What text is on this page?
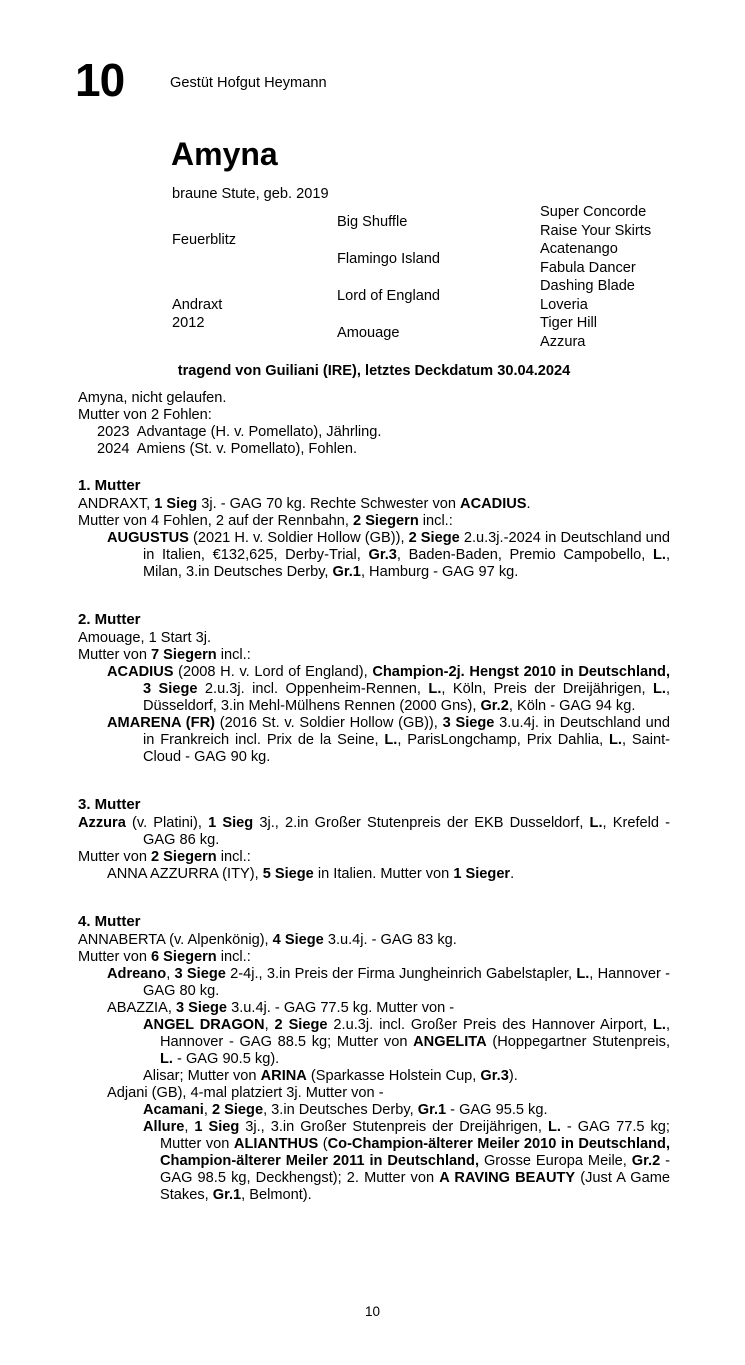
10	Gestüt Hofgut Heymann
Amyna
braune Stute, geb. 2019
Feuerblitz
Andraxt
2012
Big Shuffle
Flamingo Island
Lord of England
Amouage
Super Concorde
Raise Your Skirts
Acatenango
Fabula Dancer
Dashing Blade
Loveria
Tiger Hill
Azzura
tragend von Guiliani (IRE), letztes Deckdatum 30.04.2024
Amyna, nicht gelaufen.
Mutter von 2 Fohlen:
2023  Advantage (H. v. Pomellato), Jährling.
2024  Amiens (St. v. Pomellato), Fohlen.
1. Mutter
ANDRAXT, 1 Sieg 3j. - GAG 70 kg. Rechte Schwester von ACADIUS.
Mutter von 4 Fohlen, 2 auf der Rennbahn, 2 Siegern incl.:
AUGUSTUS (2021 H. v. Soldier Hollow (GB)), 2 Siege 2.u.3j.-2024 in Deutschland und in Italien, €132,625, Derby-Trial, Gr.3, Baden-Baden, Premio Campobello, L., Milan, 3.in Deutsches Derby, Gr.1, Hamburg - GAG 97 kg.
2. Mutter
Amouage, 1 Start 3j.
Mutter von 7 Siegern incl.:
ACADIUS (2008 H. v. Lord of England), Champion-2j. Hengst 2010 in Deutschland, 3 Siege 2.u.3j. incl. Oppenheim-Rennen, L., Köln, Preis der Dreijährigen, L., Düsseldorf, 3.in Mehl-Mülhens Rennen (2000 Gns), Gr.2, Köln - GAG 94 kg.
AMARENA (FR) (2016 St. v. Soldier Hollow (GB)), 3 Siege 3.u.4j. in Deutschland und in Frankreich incl. Prix de la Seine, L., ParisLongchamp, Prix Dahlia, L., Saint-Cloud - GAG 90 kg.
3. Mutter
Azzura (v. Platini), 1 Sieg 3j., 2.in Großer Stutenpreis der EKB Dusseldorf, L., Krefeld - GAG 86 kg.
Mutter von 2 Siegern incl.:
ANNA AZZURRA (ITY), 5 Siege in Italien. Mutter von 1 Sieger.
4. Mutter
ANNABERTA (v. Alpenkönig), 4 Siege 3.u.4j. - GAG 83 kg.
Mutter von 6 Siegern incl.:
Adreano, 3 Siege 2-4j., 3.in Preis der Firma Jungheinrich Gabelstapler, L., Hannover - GAG 80 kg.
ABAZZIA, 3 Siege 3.u.4j. - GAG 77.5 kg. Mutter von -
ANGEL DRAGON, 2 Siege 2.u.3j. incl. Großer Preis des Hannover Airport, L., Hannover - GAG 88.5 kg; Mutter von ANGELITA (Hoppegartner Stutenpreis, L. - GAG 90.5 kg).
Alisar; Mutter von ARINA (Sparkasse Holstein Cup, Gr.3).
Adjani (GB), 4-mal platziert 3j. Mutter von -
Acamani, 2 Siege, 3.in Deutsches Derby, Gr.1 - GAG 95.5 kg.
Allure, 1 Sieg 3j., 3.in Großer Stutenpreis der Dreijährigen, L. - GAG 77.5 kg; Mutter von ALIANTHUS (Co-Champion-älterer Meiler 2010 in Deutschland, Champion-älterer Meiler 2011 in Deutschland, Grosse Europa Meile, Gr.2 - GAG 98.5 kg, Deckhengst); 2. Mutter von A RAVING BEAUTY (Just A Game Stakes, Gr.1, Belmont).
10
